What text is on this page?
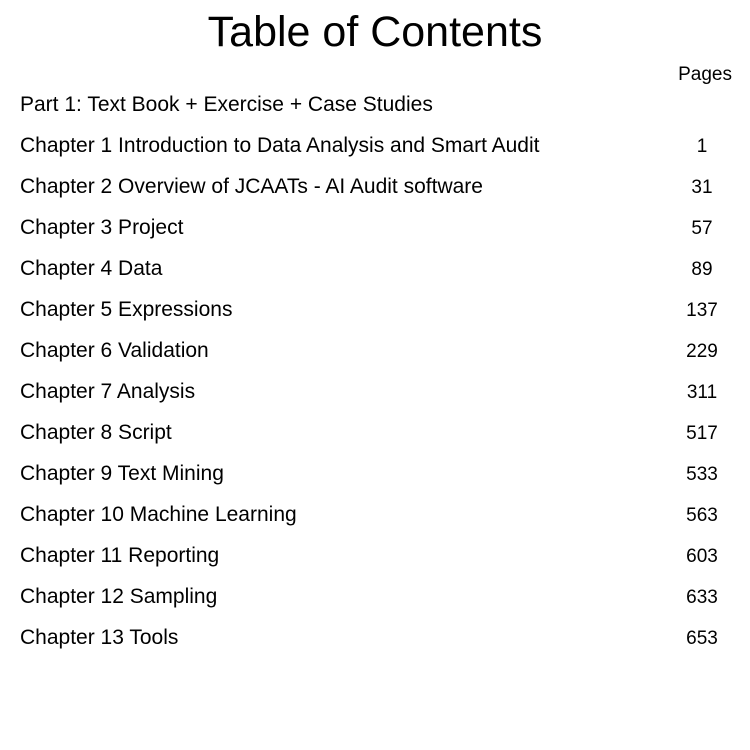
Table of Contents
Pages
Part 1: Text Book + Exercise + Case Studies
Chapter 1 Introduction to Data Analysis and Smart Audit	1
Chapter 2 Overview of JCAATs - AI Audit software	31
Chapter 3 Project	57
Chapter 4 Data	89
Chapter 5 Expressions	137
Chapter 6 Validation	229
Chapter 7 Analysis	311
Chapter 8 Script	517
Chapter 9 Text Mining	533
Chapter 10 Machine Learning	563
Chapter 11 Reporting	603
Chapter 12 Sampling	633
Chapter 13 Tools	653
